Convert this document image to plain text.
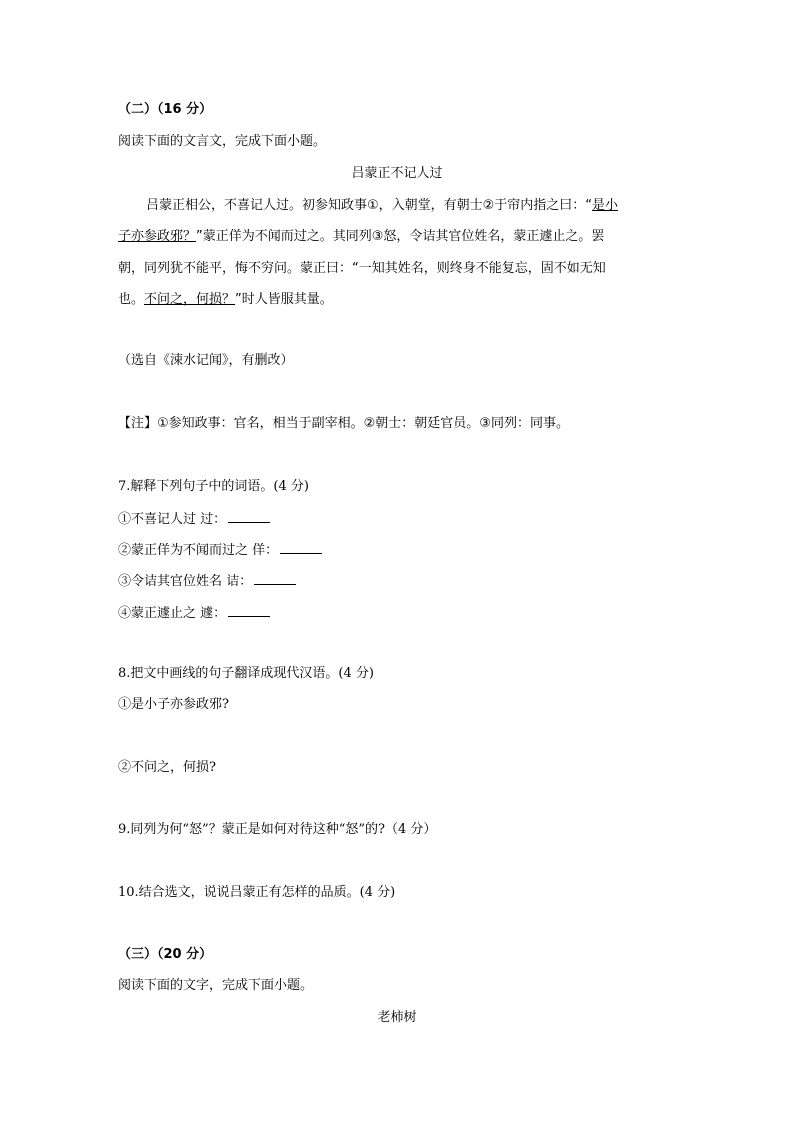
（二）（16 分）
阅读下面的文言文，完成下面小题。
吕蒙正不记人过
吕蒙正相公，不喜记人过。初参知政事①，入朝堂，有朝士②于帘内指之曰：“是小
子亦参政邪？”蒙正佯为不闻而过之。其同列③怒，令诘其官位姓名，蒙正遽止之。罢
朝，同列犹不能平，悔不穷问。蒙正曰：“一知其姓名，则终身不能复忘，固不如无知
也。不问之，何损？”时人皆服其量。
（选自《涑水记闻》，有删改）
【注】①参知政事：官名，相当于副宰相。②朝士：朝廷官员。③同列：同事。
7.解释下列句子中的词语。(4 分)
①不喜记人过 过：
②蒙正佯为不闻而过之 佯：
③令诘其官位姓名 诘：
④蒙正遽止之 遽：
8.把文中画线的句子翻译成现代汉语。(4 分)
①是小子亦参政邪?
②不问之，何损?
9.同列为何“怒”？蒙正是如何对待这种“怒”的?（4 分）
10.结合选文，说说吕蒙正有怎样的品质。(4 分)
（三）（20 分）
阅读下面的文字，完成下面小题。
老柿树
